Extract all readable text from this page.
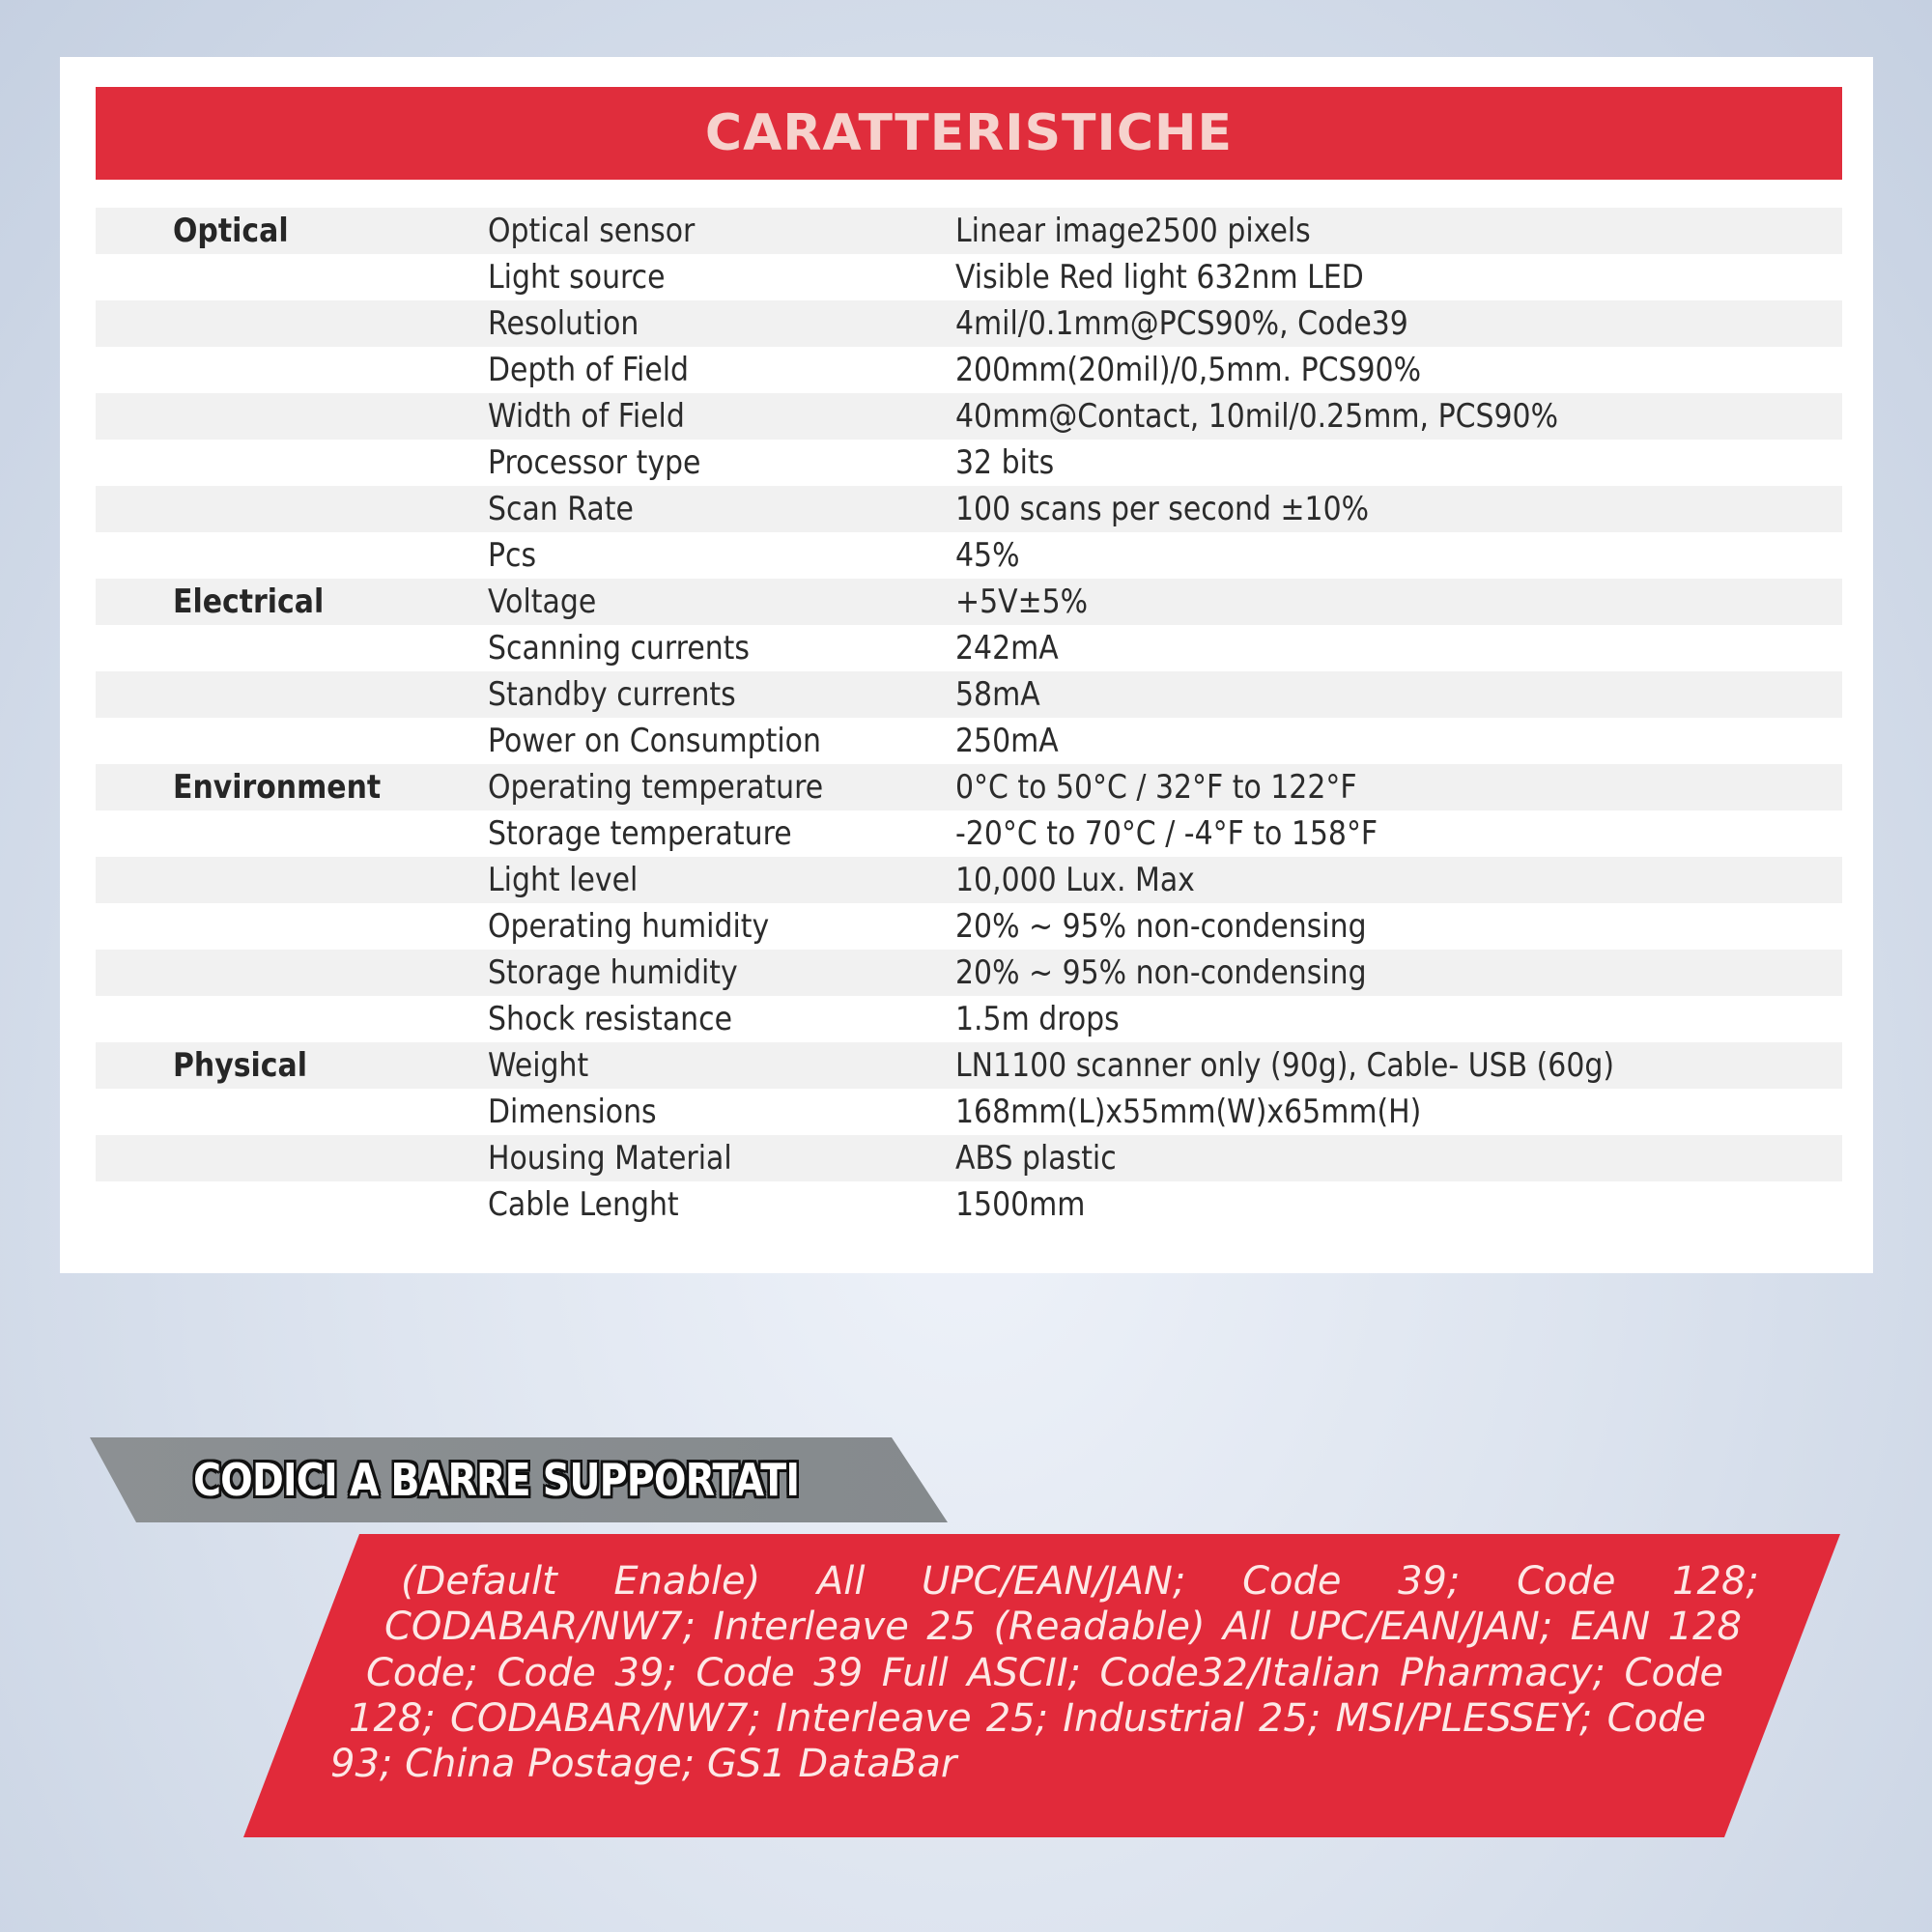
CARATTERISTICHE
Optical	Optical sensor	Linear image2500 pixels
Light source	Visible Red light 632nm LED
Resolution	4mil/0.1mm@PCS90%, Code39
Depth of Field	200mm(20mil)/0,5mm. PCS90%
Width of Field	40mm@Contact, 10mil/0.25mm, PCS90%
Processor type	32 bits
Scan Rate	100 scans per second ±10%
Pcs	45%
Electrical	Voltage	+5V±5%
Scanning currents	242mA
Standby currents	58mA
Power on Consumption	250mA
Environment	Operating temperature	0°C to 50°C / 32°F to 122°F
Storage temperature	-20°C to 70°C / -4°F to 158°F
Light level	10,000 Lux. Max
Operating humidity	20% ~ 95% non-condensing
Storage humidity	20% ~ 95% non-condensing
Shock resistance	1.5m drops
Physical	Weight	LN1100 scanner only (90g), Cable- USB (60g)
Dimensions	168mm(L)x55mm(W)x65mm(H)
Housing Material	ABS plastic
Cable Lenght	1500mm
CODICI A BARRE SUPPORTATI
(Default Enable) All UPC/EAN/JAN; Code 39; Code 128;
CODABAR/NW7; Interleave 25 (Readable) All UPC/EAN/JAN; EAN 128
Code; Code 39; Code 39 Full ASCII; Code32/Italian Pharmacy; Code
128; CODABAR/NW7; Interleave 25; Industrial 25; MSI/PLESSEY; Code
93; China Postage; GS1 DataBar
